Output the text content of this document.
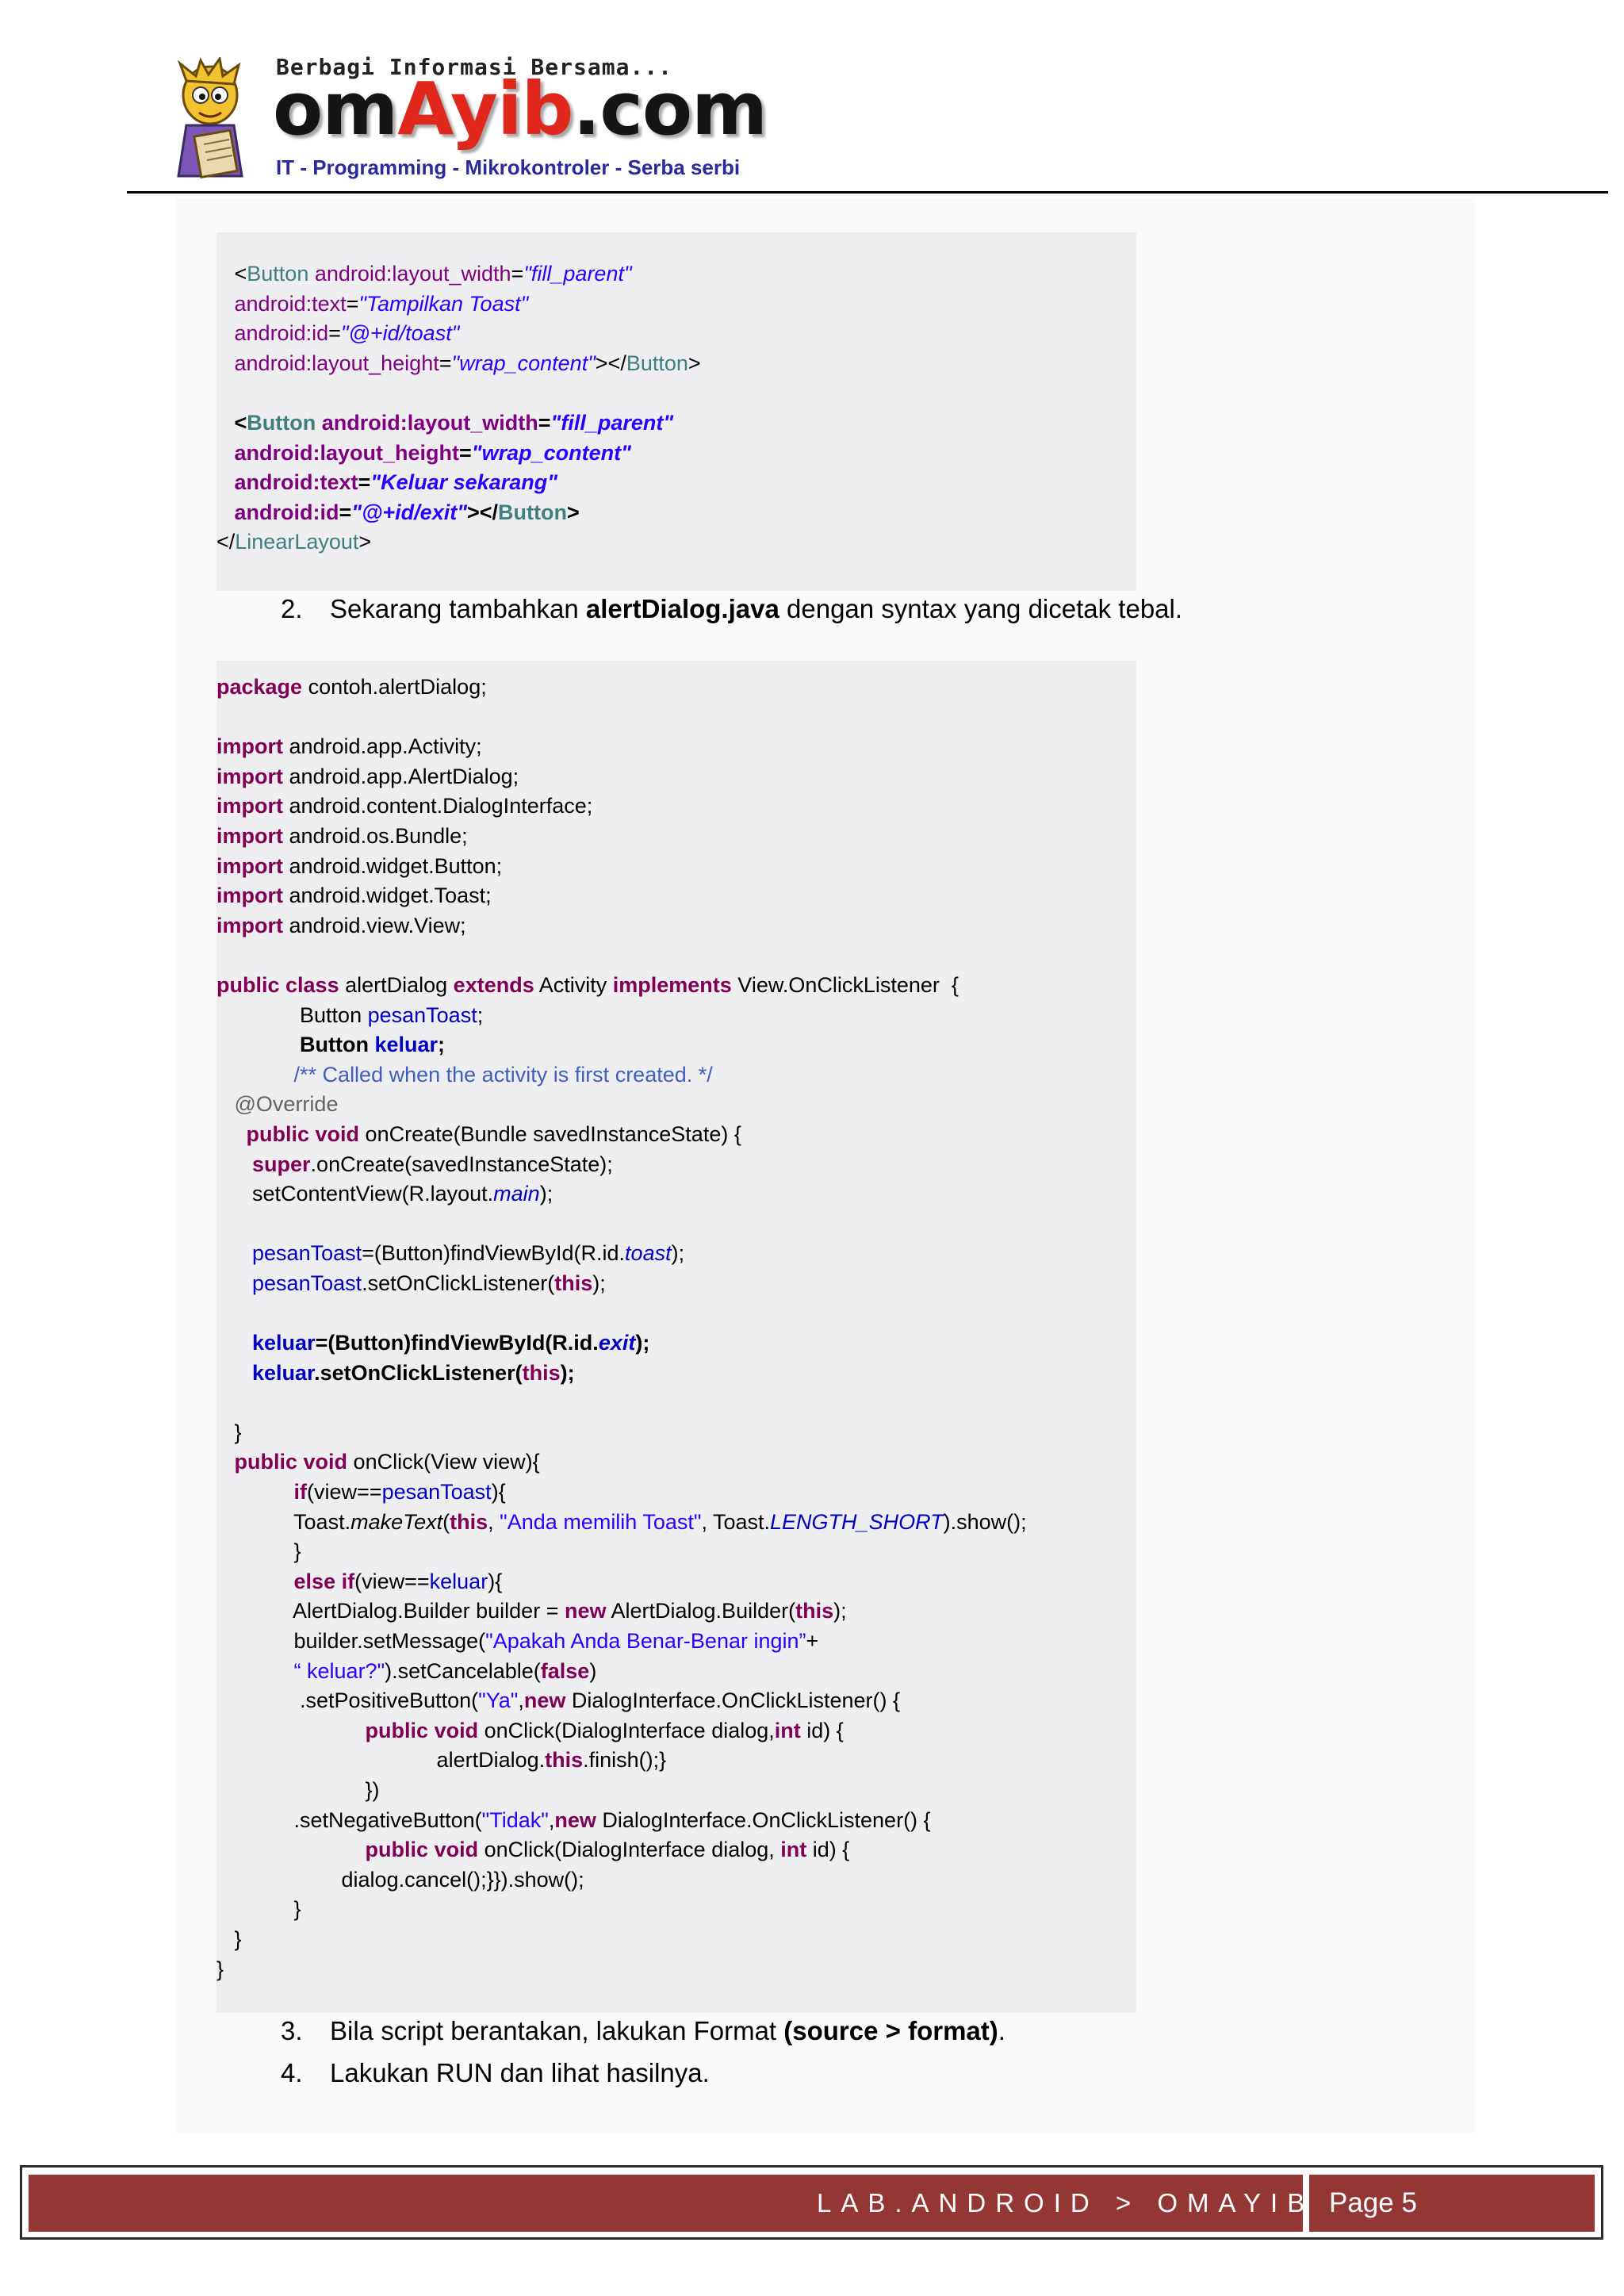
Berbagi Informasi Bersama...
omAyib.com
IT - Programming - Mikrokontroler - Serba serbi
<Button android:layout_width="fill_parent"
android:text="Tampilkan Toast"
android:id="@+id/toast"
android:layout_height="wrap_content"></Button>

<Button android:layout_width="fill_parent"
android:layout_height="wrap_content"
android:text="Keluar sekarang"
android:id="@+id/exit"></Button>
</LinearLayout>
2. Sekarang tambahkan alertDialog.java dengan syntax yang dicetak tebal.
package contoh.alertDialog;

import android.app.Activity;
import android.app.AlertDialog;
import android.content.DialogInterface;
import android.os.Bundle;
import android.widget.Button;
import android.widget.Toast;
import android.view.View;

public class alertDialog extends Activity implements View.OnClickListener  {
Button pesanToast;
Button keluar;
/** Called when the activity is first created. */
@Override
public void onCreate(Bundle savedInstanceState) {
super.onCreate(savedInstanceState);
setContentView(R.layout.main);

pesanToast=(Button)findViewById(R.id.toast);
pesanToast.setOnClickListener(this);

keluar=(Button)findViewById(R.id.exit);
keluar.setOnClickListener(this);

}
public void onClick(View view){
if(view==pesanToast){
Toast.makeText(this, "Anda memilih Toast", Toast.LENGTH_SHORT).show();
}
else if(view==keluar){
AlertDialog.Builder builder = new AlertDialog.Builder(this);
builder.setMessage("Apakah Anda Benar-Benar ingin”+
“ keluar?").setCancelable(false)
.setPositiveButton("Ya",new DialogInterface.OnClickListener() {
public void onClick(DialogInterface dialog,int id) {
alertDialog.this.finish();}
})
.setNegativeButton("Tidak",new DialogInterface.OnClickListener() {
public void onClick(DialogInterface dialog, int id) {
dialog.cancel();}}).show();
}
}
}
3. Bila script berantakan, lakukan Format (source > format).
4. Lakukan RUN dan lihat hasilnya.
LAB.ANDROID > OMAYIB Page 5
